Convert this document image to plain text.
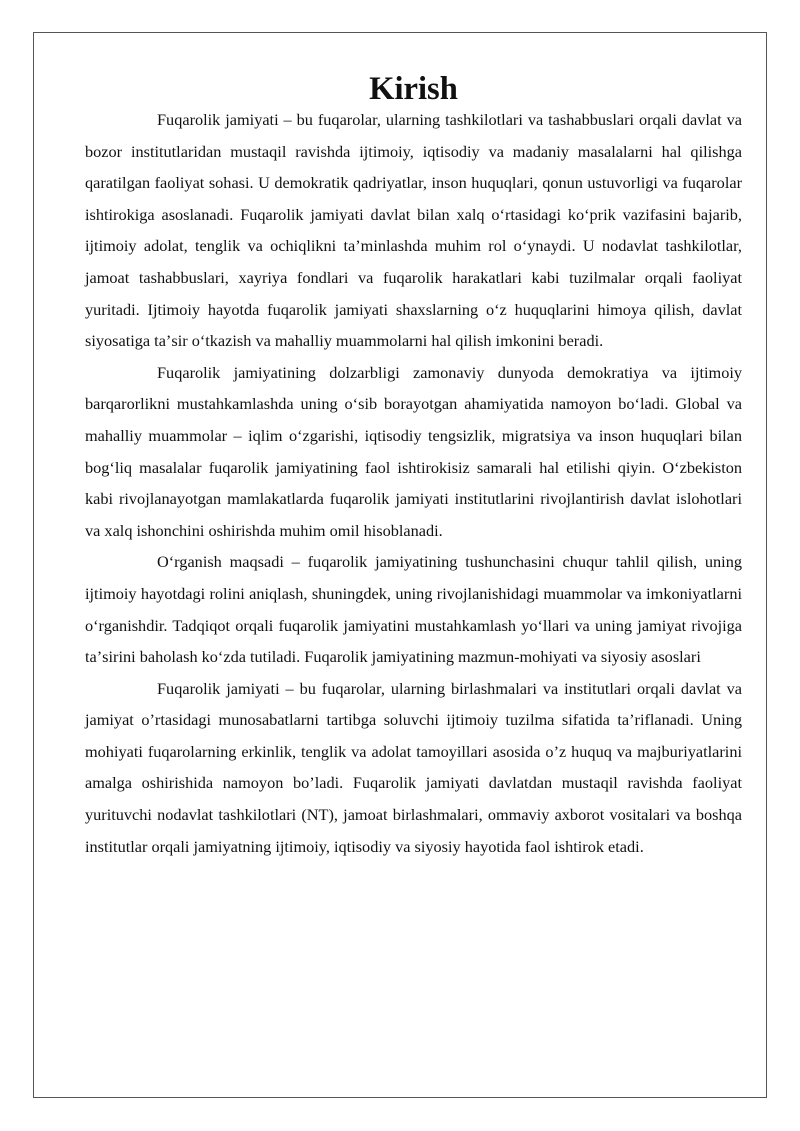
Kirish

Fuqarolik jamiyati – bu fuqarolar, ularning tashkilotlari va tashabbuslari orqali davlat va bozor institutlaridan mustaqil ravishda ijtimoiy, iqtisodiy va madaniy masalalarni hal qilishga qaratilgan faoliyat sohasi. U demokratik qadriyatlar, inson huquqlari, qonun ustuvorligi va fuqarolar ishtirokiga asoslanadi. Fuqarolik jamiyati davlat bilan xalq oʻrtasidagi koʻprik vazifasini bajarib, ijtimoiy adolat, tenglik va ochiqlikni taʼminlashda muhim rol oʻynaydi. U nodavlat tashkilotlar, jamoat tashabbuslari, xayriya fondlari va fuqarolik harakatlari kabi tuzilmalar orqali faoliyat yuritadi. Ijtimoiy hayotda fuqarolik jamiyati shaxslarning oʻz huquqlarini himoya qilish, davlat siyosatiga taʼsir oʻtkazish va mahalliy muammolarni hal qilish imkonini beradi.

Fuqarolik jamiyatining dolzarbligi zamonaviy dunyoda demokratiya va ijtimoiy barqarorlikni mustahkamlashda uning oʻsib borayotgan ahamiyatida namoyon boʻladi. Global va mahalliy muammolar – iqlim oʻzgarishi, iqtisodiy tengsizlik, migratsiya va inson huquqlari bilan bogʻliq masalalar fuqarolik jamiyatining faol ishtirokisiz samarali hal etilishi qiyin. Oʻzbekiston kabi rivojlanayotgan mamlakatlarda fuqarolik jamiyati institutlarini rivojlantirish davlat islohotlari va xalq ishonchini oshirishda muhim omil hisoblanadi.

Oʻrganish maqsadi – fuqarolik jamiyatining tushunchasini chuqur tahlil qilish, uning ijtimoiy hayotdagi rolini aniqlash, shuningdek, uning rivojlanishidagi muammolar va imkoniyatlarni oʻrganishdir. Tadqiqot orqali fuqarolik jamiyatini mustahkamlash yoʻllari va uning jamiyat rivojiga taʼsirini baholash koʻzda tutiladi. Fuqarolik jamiyatining mazmun-mohiyati va siyosiy asoslari

Fuqarolik jamiyati – bu fuqarolar, ularning birlashmalari va institutlari orqali davlat va jamiyat oʼrtasidagi munosabatlarni tartibga soluvchi ijtimoiy tuzilma sifatida taʼriflanadi. Uning mohiyati fuqarolarning erkinlik, tenglik va adolat tamoyillari asosida oʼz huquq va majburiyatlarini amalga oshirishida namoyon boʼladi. Fuqarolik jamiyati davlatdan mustaqil ravishda faoliyat yurituvchi nodavlat tashkilotlari (NT), jamoat birlashmalari, ommaviy axborot vositalari va boshqa institutlar orqali jamiyatning ijtimoiy, iqtisodiy va siyosiy hayotida faol ishtirok etadi.
